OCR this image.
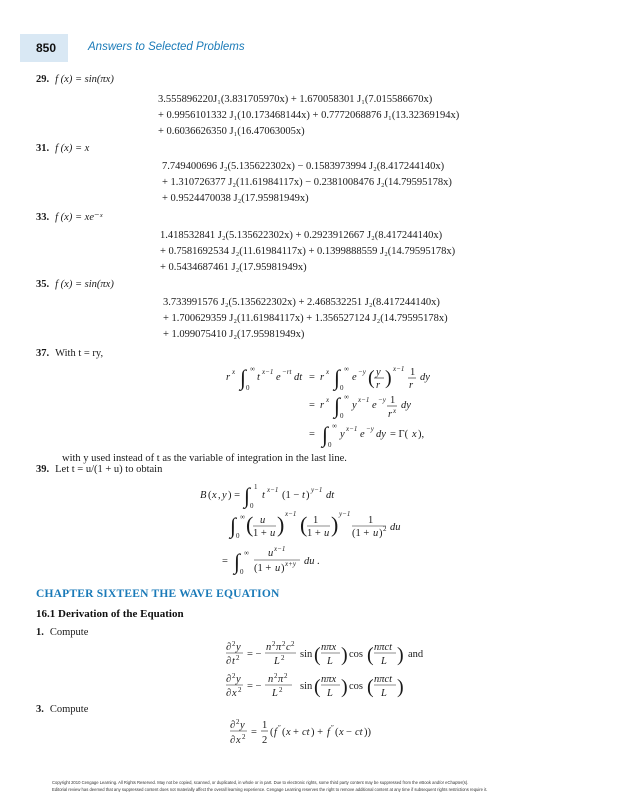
850	Answers to Selected Problems
29. f (x) = sin(πx)
3.555896220J₁(3.831705970x) + 1.670058301 J₁(7.015586670x)
+ 0.9956101332 J₁(10.173468144x) + 0.7772068876 J₁(13.32369194x)
+ 0.6036626350 J₁(16.47063005x)
31. f (x) = x
7.749400696 J₂(5.135622302x) − 0.1583973994 J₂(8.417244140x)
+ 1.310726377 J₂(11.61984117x) − 0.2381008476 J₂(14.79595178x)
+ 0.9524470038 J₂(17.95981949x)
33. f (x) = xe⁻ˣ
1.418532841 J₂(5.135622302x) + 0.2923912667 J₂(8.417244140x)
+ 0.7581692534 J₂(11.61984117x) + 0.1399888559 J₂(14.79595178x)
+ 0.5434687461 J₂(17.95981949x)
35. f (x) = sin(πx)
3.733991576 J₂(5.135622302x) + 2.468532251 J₂(8.417244140x)
+ 1.700629359 J₂(11.61984117x) + 1.356527124 J₂(14.79595178x)
+ 1.099075410 J₂(17.95981949x)
37. With t = ry,
r x ∫ ∞
0
t x−1 e −rt dt = r x ∫ ∞
0
e −y ( y
r ) x−1 1
r
dy
= r x ∫ ∞
0
y x−1 e −y 1
r x dy
= ∫ ∞
0
y x−1 e −y dy = Γ( x ),
with y used instead of t as the variable of integration in the last line.
39. Let t = u/(1 + u) to obtain
B ( x , y ) = ∫ 1
0
t x−1 (1 − t ) y−1 dt
∫ ∞
0 ( u
1 + u ) x−1 ( 1
1 + u ) y−1
1
(1 + u ) 2 du
= ∫ ∞
0
u x−1
(1 + u ) x+y du .
CHAPTER SIXTEEN THE WAVE EQUATION
16.1 Derivation of the Equation
1. Compute
∂ 2 y
∂ t 2 = −
n 2 π 2 c 2
L 2 sin ( nπx
L ) cos ( nπct
L ) and
∂ 2 y
∂ x 2 = −
n 2 π 2
L 2 sin ( nπx
L ) cos ( nπct
L )
3. Compute
∂ 2 y
∂ x 2 =
1
2
( f ″ ( x + ct ) + f ″ ( x − ct ))
Copyright 2010 Cengage Learning. All Rights Reserved. May not be copied, scanned, or duplicated, in whole or in part. Due to electronic rights, some third party content may be suppressed from the eBook and/or eChapter(s).
Editorial review has deemed that any suppressed content does not materially affect the overall learning experience. Cengage Learning reserves the right to remove additional content at any time if subsequent rights restrictions require it.
